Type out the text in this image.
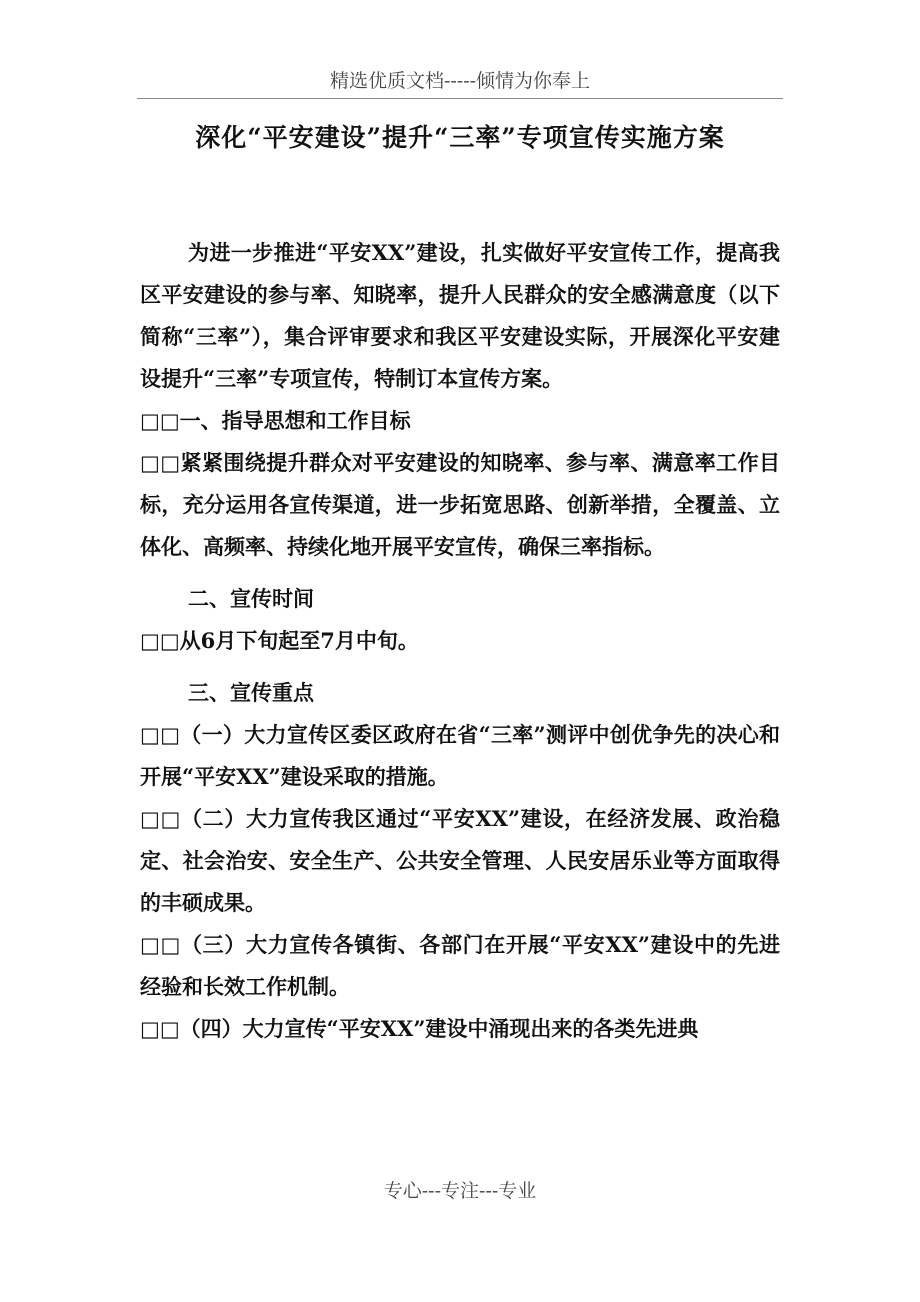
精选优质文档-----倾情为你奉上
深化“平安建设”提升“三率”专项宣传实施方案

为进一步推进“平安XX”建设，扎实做好平安宣传工作，提高我区平安建设的参与率、知晓率，提升人民群众的安全感满意度（以下简称“三率”），集合评审要求和我区平安建设实际，开展深化平安建设提升“三率”专项宣传，特制订本宣传方案。

□□一、指导思想和工作目标

□□紧紧围绕提升群众对平安建设的知晓率、参与率、满意率工作目标，充分运用各宣传渠道，进一步拓宽思路、创新举措，全覆盖、立体化、高频率、持续化地开展平安宣传，确保三率指标。

二、宣传时间

□□从6月下旬起至7月中旬。

三、宣传重点

□□（一）大力宣传区委区政府在省“三率”测评中创优争先的决心和开展“平安XX”建设采取的措施。

□□（二）大力宣传我区通过“平安XX”建设，在经济发展、政治稳定、社会治安、安全生产、公共安全管理、人民安居乐业等方面取得的丰硕成果。

□□（三）大力宣传各镇街、各部门在开展“平安XX”建设中的先进经验和长效工作机制。

□□（四）大力宣传“平安XX”建设中涌现出来的各类先进典

专心---专注---专业
